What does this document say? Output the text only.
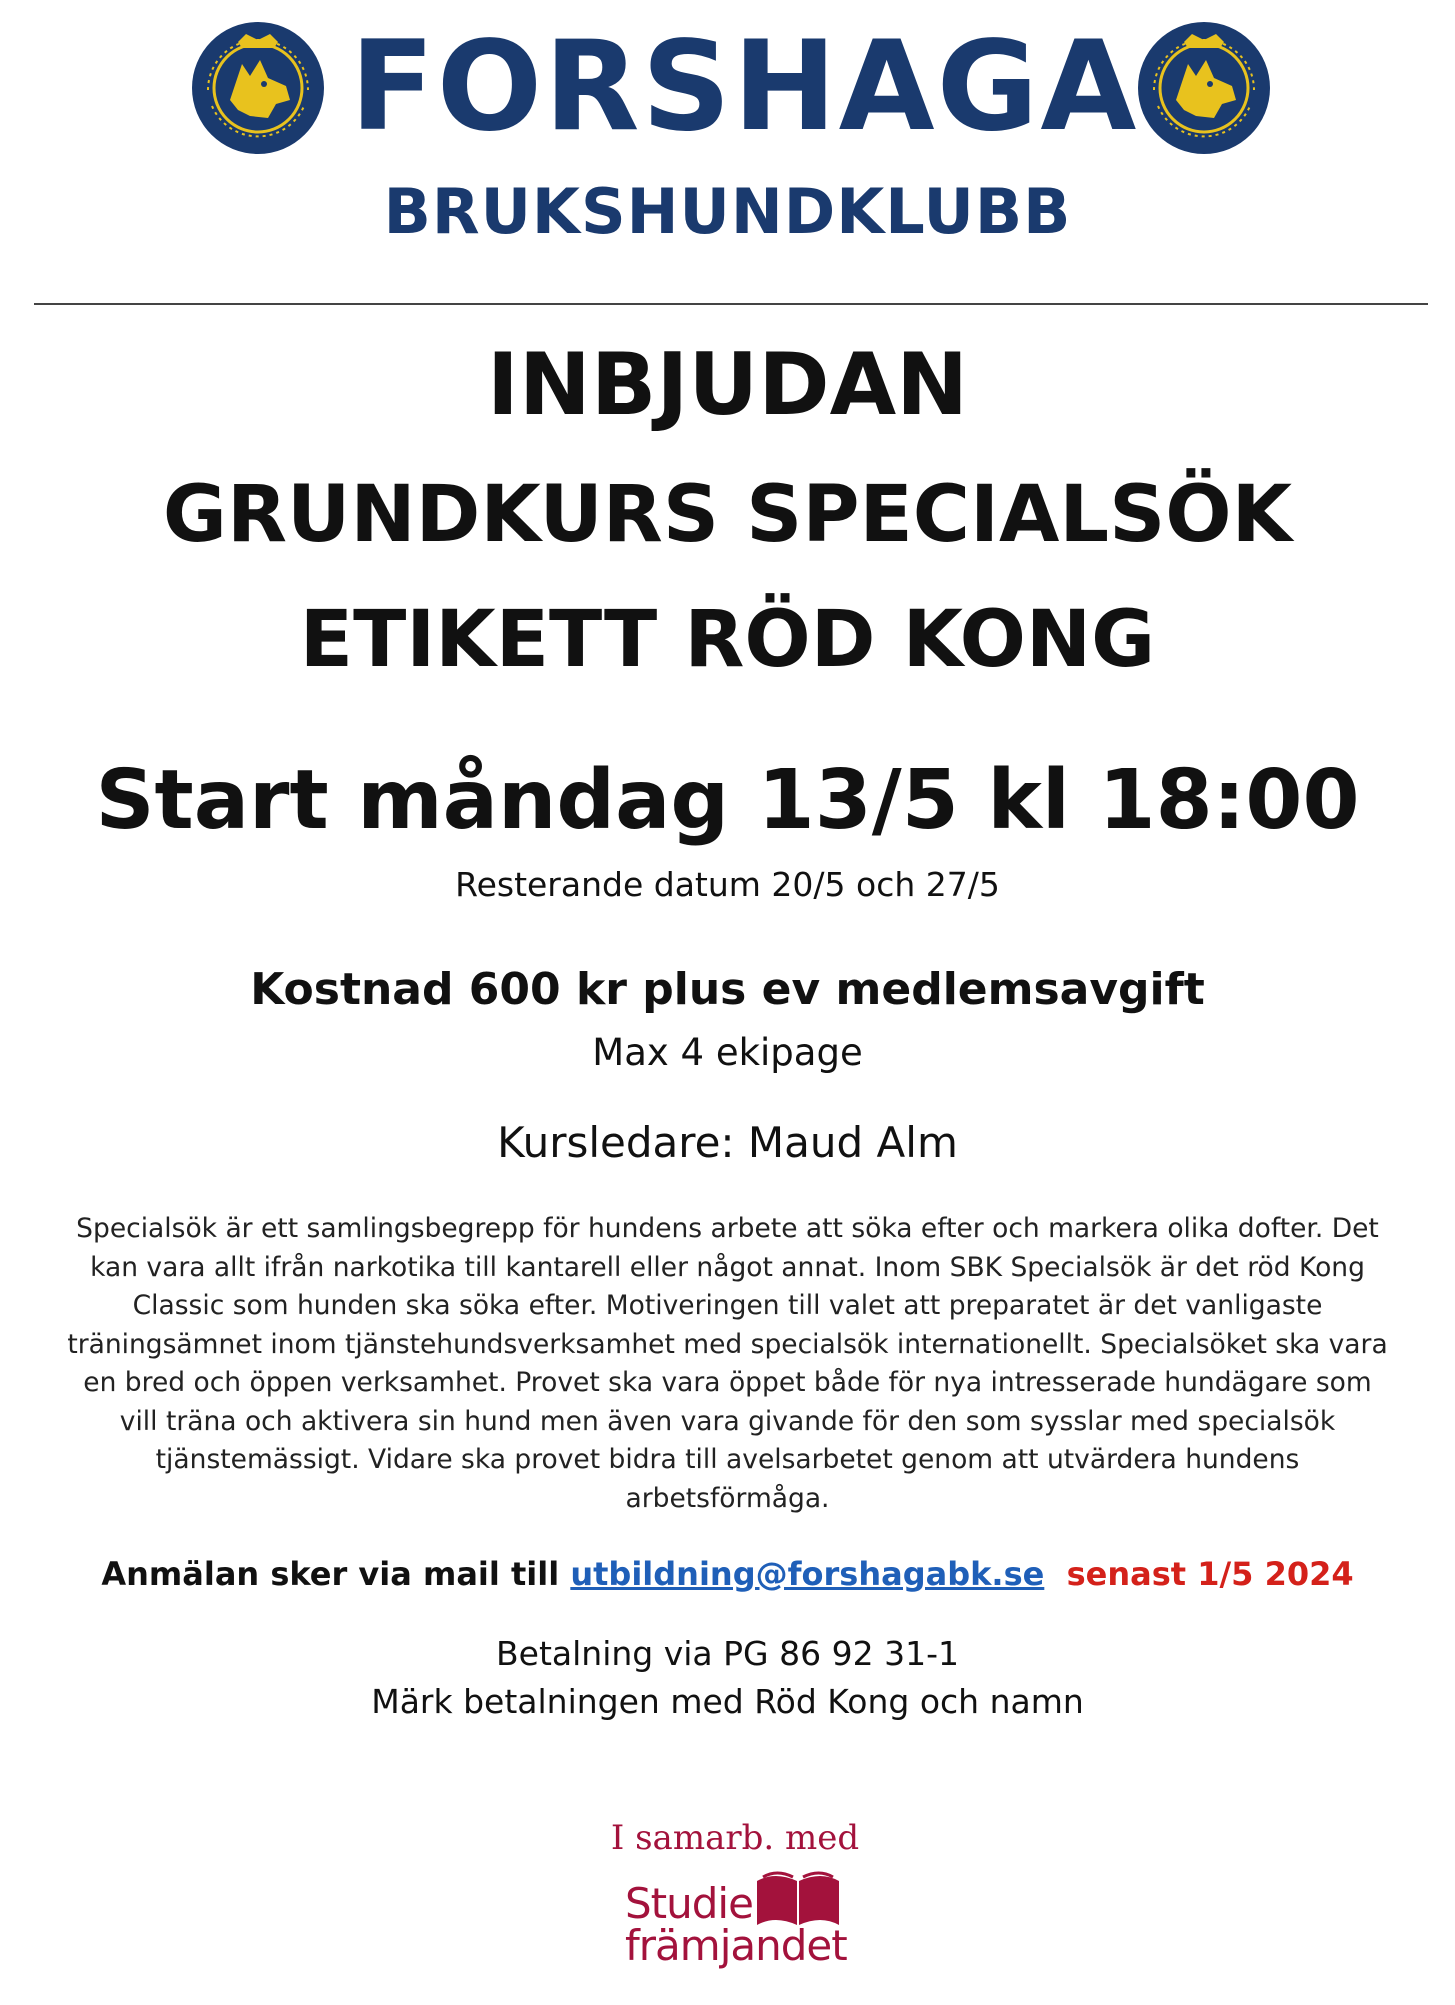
FORSHAGA
BRUKSHUNDKLUBB
INBJUDAN
GRUNDKURS SPECIALSÖK
ETIKETT RÖD KONG
Start måndag 13/5 kl 18:00
Resterande datum 20/5 och 27/5
Kostnad 600 kr plus ev medlemsavgift
Max 4 ekipage
Kursledare: Maud Alm
Specialsök är ett samlingsbegrepp för hundens arbete att söka efter och markera olika dofter. Det
kan vara allt ifrån narkotika till kantarell eller något annat. Inom SBK Specialsök är det röd Kong
Classic som hunden ska söka efter. Motiveringen till valet att preparatet är det vanligaste
träningsämnet inom tjänstehundsverksamhet med specialsök internationellt. Specialsöket ska vara
en bred och öppen verksamhet. Provet ska vara öppet både för nya intresserade hundägare som
vill träna och aktivera sin hund men även vara givande för den som sysslar med specialsök
tjänstemässigt. Vidare ska provet bidra till avelsarbetet genom att utvärdera hundens
arbetsförmåga.
Anmälan sker via mail till utbildning@forshagabk.se senast 1/5 2024
Betalning via PG 86 92 31-1
Märk betalningen med Röd Kong och namn
I samarb. med
Studie
främjandet
